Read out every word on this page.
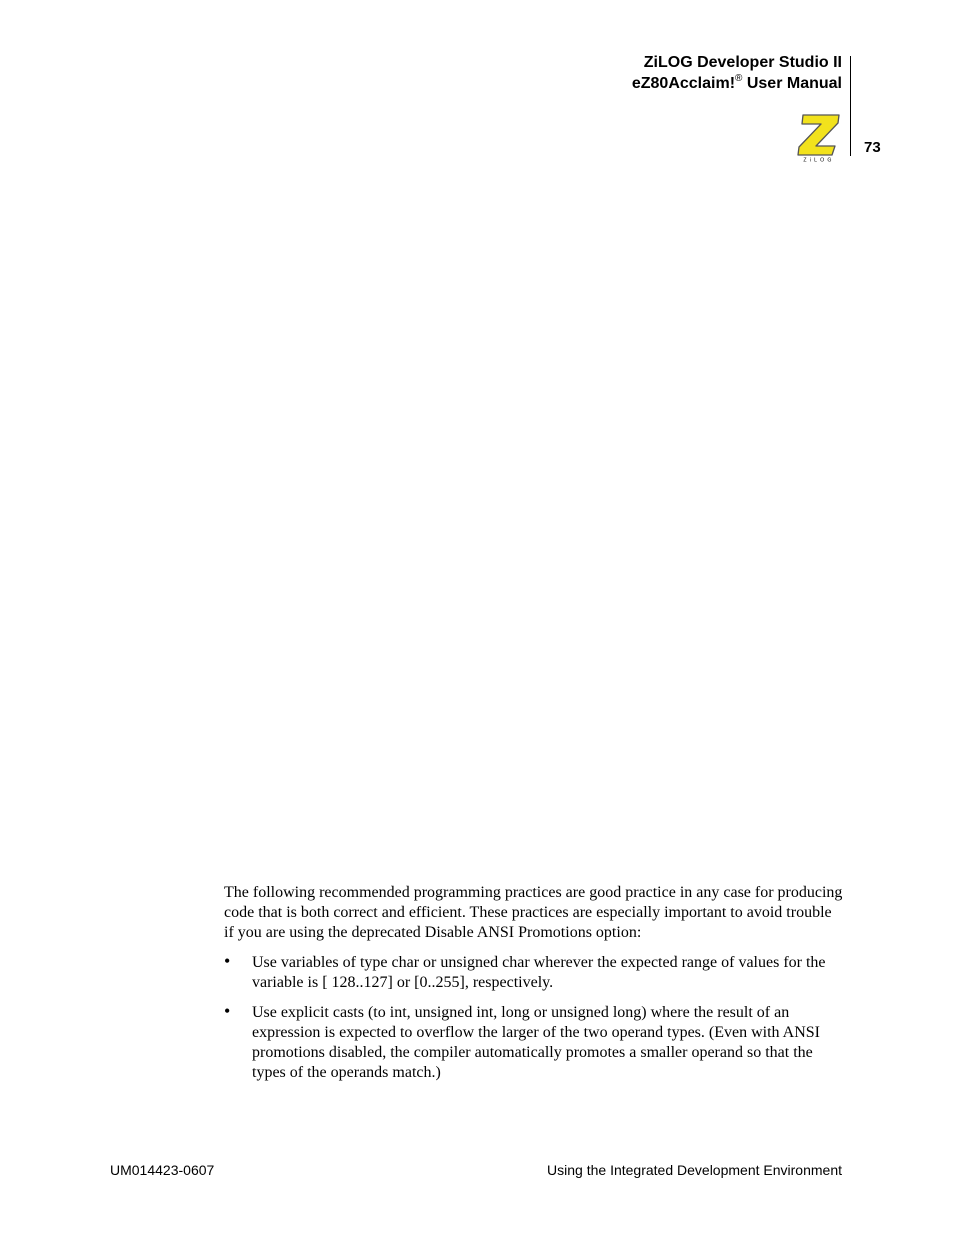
ZiLOG Developer Studio II
eZ80Acclaim!® User Manual
ZiLOG
73

The following recommended programming practices are good practice in any case for producing code that is both correct and efficient. These practices are especially important to avoid trouble if you are using the deprecated Disable ANSI Promotions option:

• Use variables of type char or unsigned char wherever the expected range of values for the variable is [ 128..127] or [0..255], respectively.
• Use explicit casts (to int, unsigned int, long or unsigned long) where the result of an expression is expected to overflow the larger of the two operand types. (Even with ANSI promotions disabled, the compiler automatically promotes a smaller operand so that the types of the operands match.)
UM014423-0607	Using the Integrated Development Environment
